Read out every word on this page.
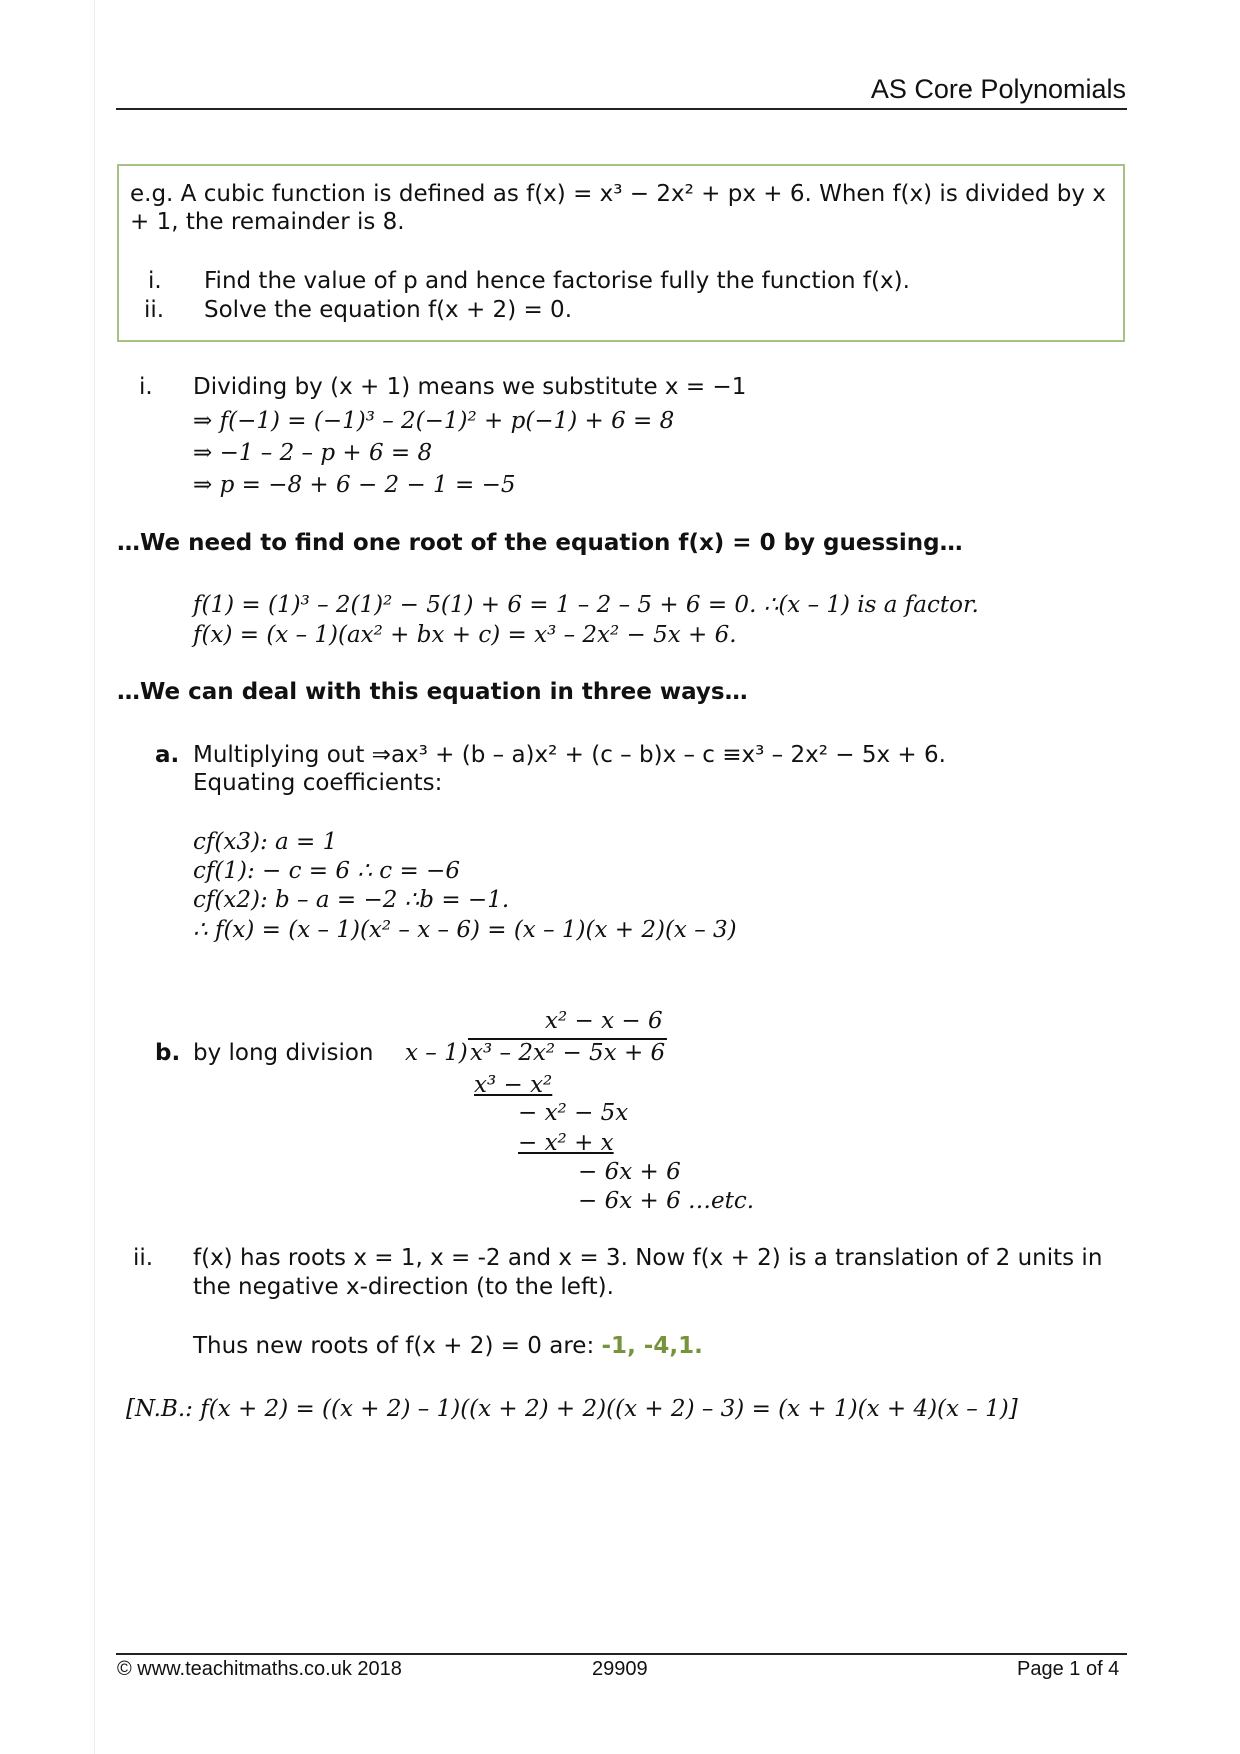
AS Core Polynomials
e.g. A cubic function is defined as f(x) = x³ − 2x² + px + 6. When f(x) is divided by x
+ 1, the remainder is 8.
i. Find the value of p and hence factorise fully the function f(x).
ii. Solve the equation f(x + 2) = 0.
i. Dividing by (x + 1) means we substitute x = −1
⇒ f(−1) = (−1)³ – 2(−1)² + p(−1) + 6 = 8
⇒ −1 – 2 – p + 6 = 8
⇒ p = −8 + 6 − 2 − 1 = −5
…We need to find one root of the equation f(x) = 0 by guessing…
f(1) = (1)³ – 2(1)² − 5(1) + 6 = 1 – 2 – 5 + 6 = 0. ∴(x – 1) is a factor.
f(x) = (x – 1)(ax² + bx + c) = x³ – 2x² − 5x + 6.
…We can deal with this equation in three ways…
a. Multiplying out ⇒ax³ + (b – a)x² + (c – b)x – c ≡x³ – 2x² − 5x + 6.
Equating coefficients:
cf(x3): a = 1
cf(1): − c = 6 ∴ c = −6
cf(x2): b – a = −2 ∴b = −1.
∴ f(x) = (x – 1)(x² – x – 6) = (x – 1)(x + 2)(x – 3)
b. by long division
x² − x − 6
x – 1) x³ – 2x² − 5x + 6
x³ − x²
− x² − 5x
− x² + x
− 6x + 6
− 6x + 6 …etc.
ii. f(x) has roots x = 1, x = -2 and x = 3. Now f(x + 2) is a translation of 2 units in
the negative x-direction (to the left).
Thus new roots of f(x + 2) = 0 are: -1, -4,1.
[N.B.: f(x + 2) = ((x + 2) – 1)((x + 2) + 2)((x + 2) – 3) = (x + 1)(x + 4)(x – 1)]
© www.teachitmaths.co.uk 2018	29909	Page 1 of 4
